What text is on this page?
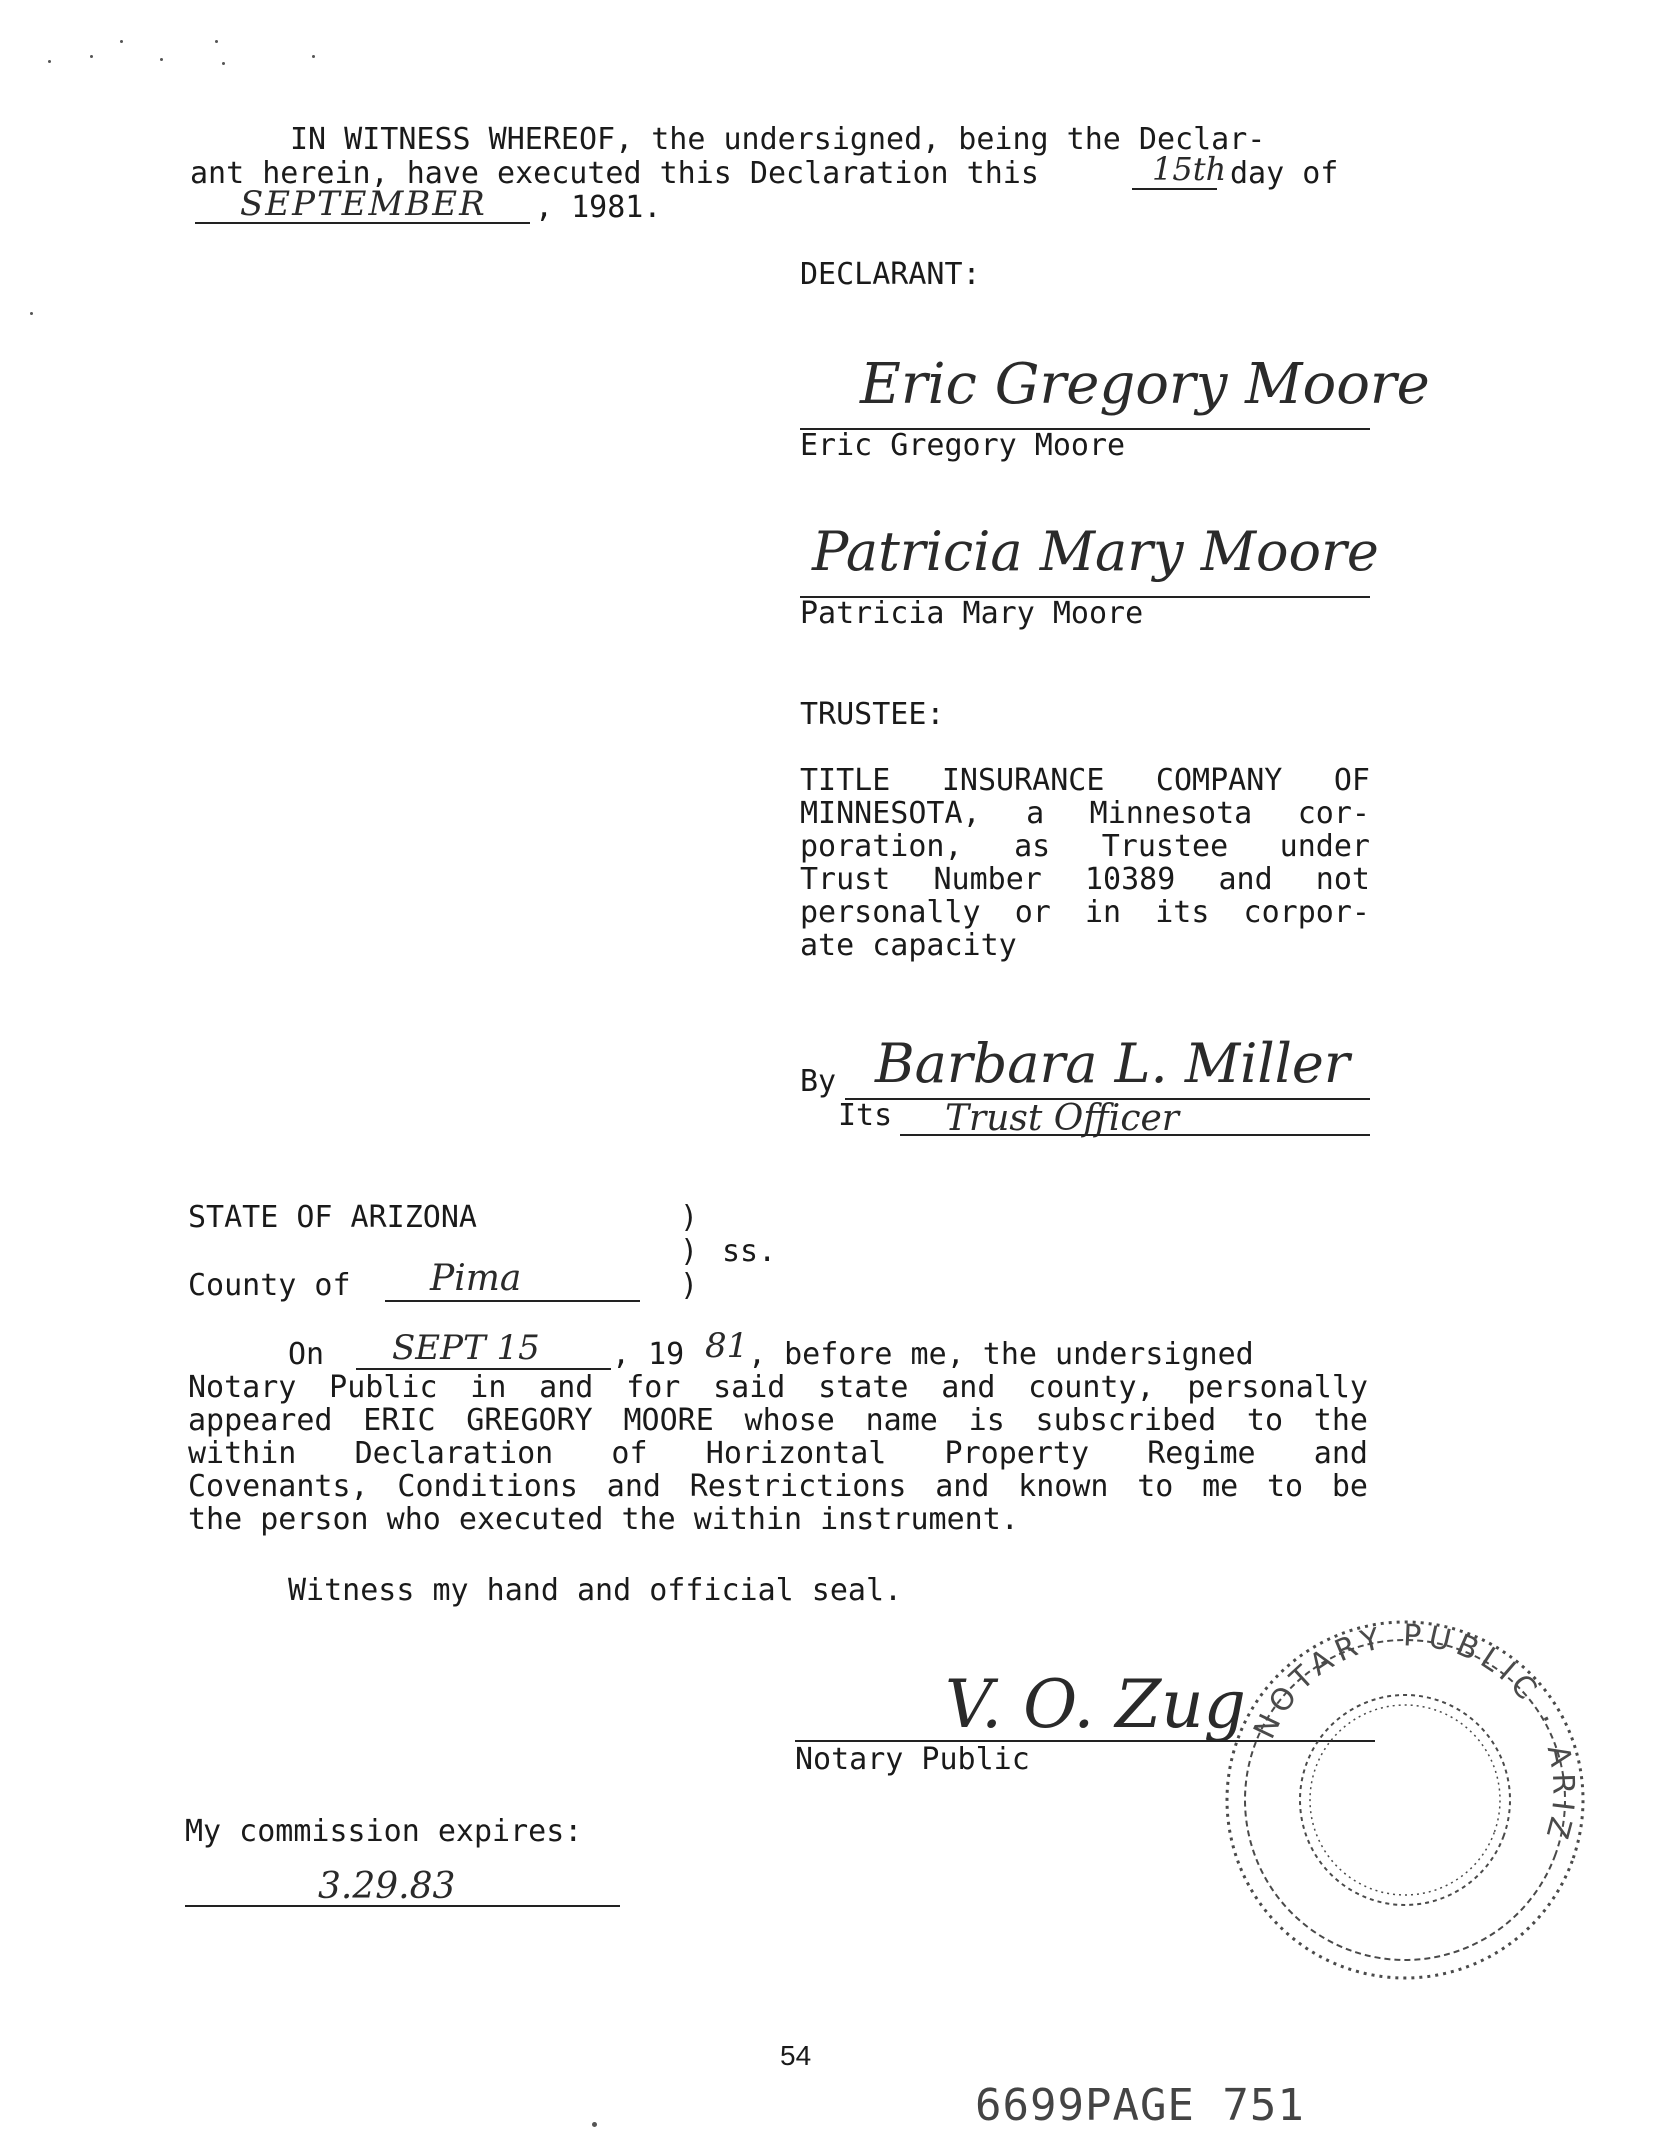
IN WITNESS WHEREOF, the undersigned, being the Declar-
ant herein, have executed this Declaration this	15th day of
SEPTEMBER , 1981.
DECLARANT:
Eric Gregory Moore
Eric Gregory Moore
Patricia Mary Moore
Patricia Mary Moore
TRUSTEE:
TITLE INSURANCE COMPANY OF
MINNESOTA, a Minnesota cor-
poration, as Trustee under
Trust Number 10389 and not
personally or in its corpor-
ate capacity
By Barbara L. Miller
Its Trust Officer
STATE OF ARIZONA	)
) ss.
)
County of Pima
On SEPT 15 , 19 81 , before me, the undersigned
Notary Public in and for said state and county, personally
appeared ERIC GREGORY MOORE whose name is subscribed to the
within Declaration of Horizontal Property Regime and
Covenants, Conditions and Restrictions and known to me to be
the person who executed the within instrument.
Witness my hand and official seal.
V. O. Zug
Notary Public
NOTARY PUBLIC · ARIZONA
My commission expires:
3.29.83
54
6699PAGE 751
